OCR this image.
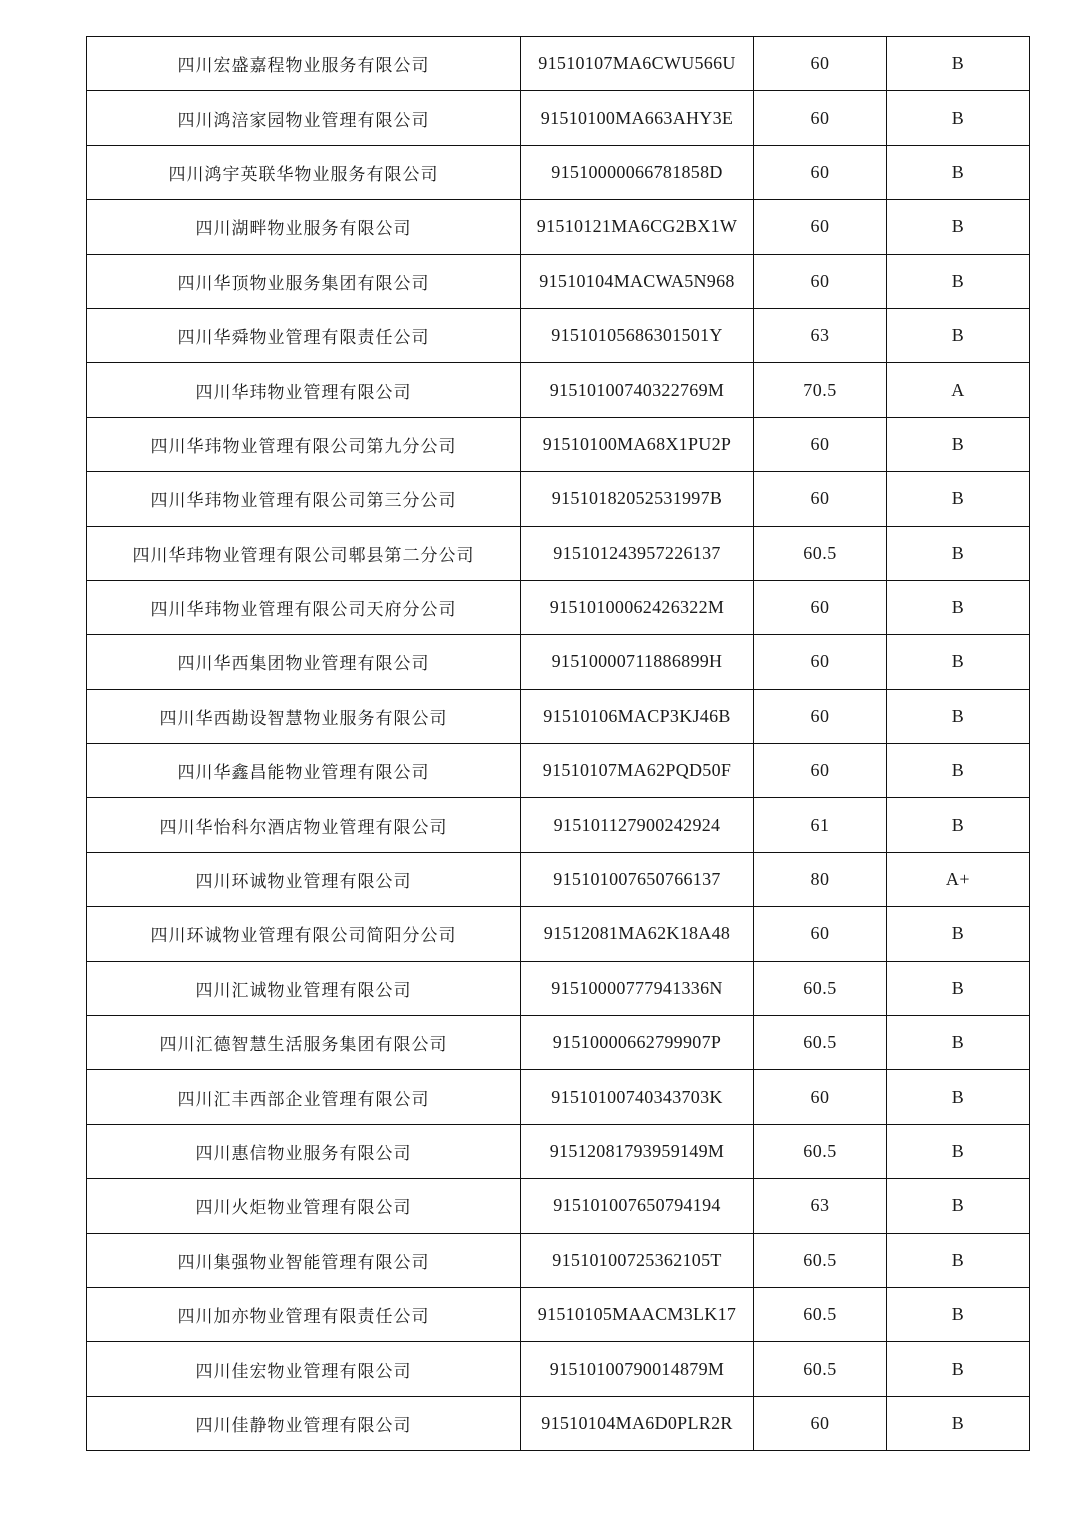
四川宏盛嘉程物业服务有限公司	91510107MA6CWU566U	60	B
四川鸿涪家园物业管理有限公司	91510100MA663AHY3E	60	B
四川鸿宇英联华物业服务有限公司	91510000066781858D	60	B
四川湖畔物业服务有限公司	91510121MA6CG2BX1W	60	B
四川华顶物业服务集团有限公司	91510104MACWA5N968	60	B
四川华舜物业管理有限责任公司	91510105686301501Y	63	B
四川华玮物业管理有限公司	91510100740322769M	70.5	A
四川华玮物业管理有限公司第九分公司	91510100MA68X1PU2P	60	B
四川华玮物业管理有限公司第三分公司	91510182052531997B	60	B
四川华玮物业管理有限公司郫县第二分公司	915101243957226137	60.5	B
四川华玮物业管理有限公司天府分公司	91510100062426322M	60	B
四川华西集团物业管理有限公司	91510000711886899H	60	B
四川华西勘设智慧物业服务有限公司	91510106MACP3KJ46B	60	B
四川华鑫昌能物业管理有限公司	91510107MA62PQD50F	60	B
四川华怡科尔酒店物业管理有限公司	915101127900242924	61	B
四川环诚物业管理有限公司	915101007650766137	80	A+
四川环诚物业管理有限公司简阳分公司	91512081MA62K18A48	60	B
四川汇诚物业管理有限公司	91510000777941336N	60.5	B
四川汇德智慧生活服务集团有限公司	91510000662799907P	60.5	B
四川汇丰西部企业管理有限公司	91510100740343703K	60	B
四川惠信物业服务有限公司	91512081793959149M	60.5	B
四川火炬物业管理有限公司	915101007650794194	63	B
四川集强物业智能管理有限公司	91510100725362105T	60.5	B
四川加亦物业管理有限责任公司	91510105MAACM3LK17	60.5	B
四川佳宏物业管理有限公司	91510100790014879M	60.5	B
四川佳静物业管理有限公司	91510104MA6D0PLR2R	60	B
